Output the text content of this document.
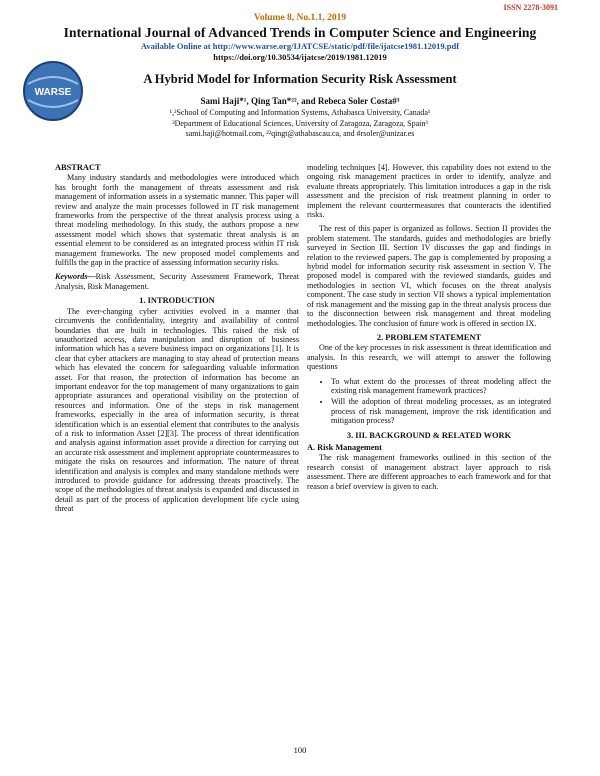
ISSN 2278-3091
Volume 8, No.1.1, 2019
International Journal of Advanced Trends in Computer Science and Engineering
Available Online at http://www.warse.org/IJATCSE/static/pdf/file/ijatcse1981.12019.pdf
https://doi.org/10.30534/ijatcse/2019/1981.12019
WARSE
A Hybrid Model for Information Security Risk Assessment
Sami Haji*¹, Qing Tan*²², and Rebeca Soler Costa#³
¹,²School of Computing and Information Systems, Athabasca University, Canada¹
³Department of Educational Sciences, University of Zaragoza, Zaragoza, Spain³
sami.haji@hotmail.com, ²²qingt@athabascau.ca, and #rsoler@unizar.es
ABSTRACT

Many industry standards and methodologies were introduced which has brought forth the management of threats assessment and risk management of information assets in a systematic manner. This paper will review and analyze the main processes followed in IT risk management frameworks from the perspective of the threat analysis process using a threat modeling methodology. In this study, the authors propose a new assessment model which shows that systematic threat analysis is an essential element to be considered as an integrated process within IT risk management frameworks. The new proposed model complements and fulfills the gap in the practice of assessing information security risks.

Keywords—Risk Assessment, Security Assessment Framework, Threat Analysis, Risk Management.

1. INTRODUCTION

The ever-changing cyber activities evolved in a manner that circumvents the confidentiality, integrity and availability of control boundaries that are built in technologies. This raised the risk of unauthorized access, data manipulation and disruption of business information which has a severe business impact on organizations [1]. It is clear that cyber attackers are managing to stay ahead of protection means which has elevated the concern for safeguarding valuable information asset. For that reason, the protection of information has become an important endeavor for the top management of many organizations to gain appropriate assurances and operational visibility on the protection of resources and information. One of the steps in risk management frameworks, especially in the area of information security, is threat identification which is an essential element that contributes to the analysis of a risk to information Asset [2][3]. The process of threat identification and analysis against information asset provide a direction for carrying out an accurate risk assessment and implement appropriate countermeasures to mitigate the risks on resources and information. The nature of threat identification and analysis is complex and many standalone methods were introduced to provide guidance for addressing threats proactively. The scope of the methodologies of threat analysis is expanded and discussed in detail as part of the process of application development life cycle using threat

modeling techniques [4]. However, this capability does not extend to the ongoing risk management practices in order to identify, analyze and evaluate threats appropriately. This limitation introduces a gap in the risk assessment and the precision of risk treatment planning in order to implement the relevant countermeasures that counteracts the identified risks.

The rest of this paper is organized as follows. Section II provides the problem statement. The standards, guides and methodologies are briefly surveyed in Section III. Section IV discusses the gap and findings in relation to the reviewed papers. The gap is complemented by proposing a hybrid model for information security risk assessment in section V. The proposed model is compared with the reviewed standards, guides and methodologies in section VI, which focuses on the threat analysis component. The case study in section VII shows a typical implementation of risk management and the missing gap in the threat analysis process due to the disconnection between risk management and threat modeling methodologies. The conclusion of future work is offered in section IX.

2. PROBLEM STATEMENT

One of the key processes in risk assessment is threat identification and analysis. In this research, we will attempt to answer the following questions

• To what extent do the processes of threat modeling affect the existing risk management framework practices?
• Will the adoption of threat modeling processes, as an integrated process of risk management, improve the risk identification and mitigation process?
3. III. BACKGROUND & RELATED WORK
A. Risk Management

The risk management frameworks outlined in this section of the research consist of management abstract layer approach to risk assessment. There are different approaches to each framework and for that reason a brief overview is given to each.

100
